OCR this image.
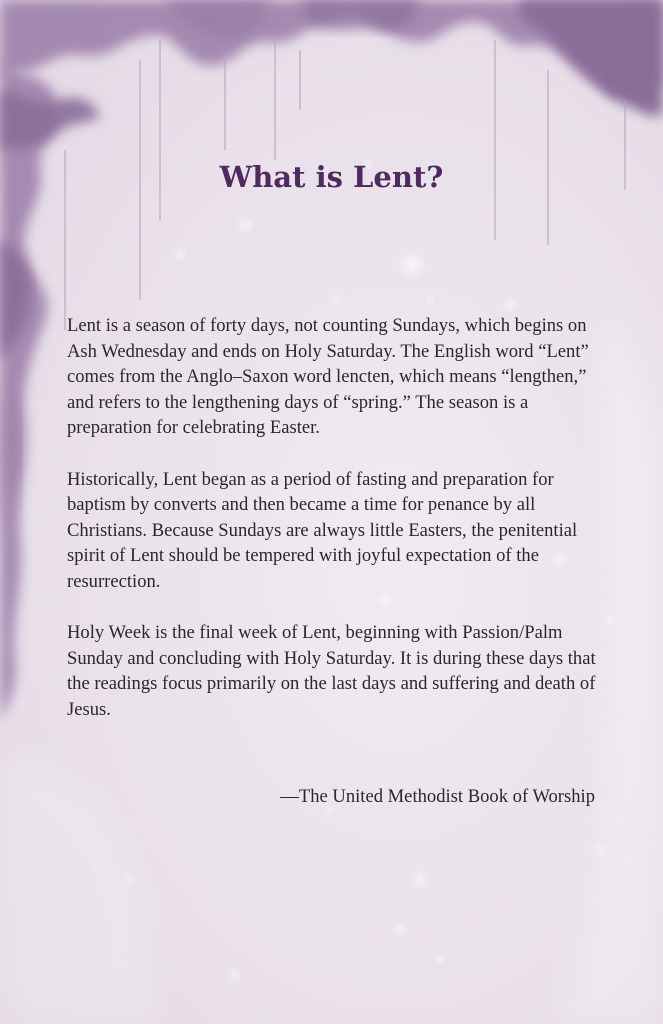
What is Lent?

Lent is a season of forty days, not counting Sundays, which begins on Ash Wednesday and ends on Holy Saturday. The English word “Lent” comes from the Anglo–Saxon word lencten, which means “lengthen,” and refers to the lengthening days of “spring.” The season is a preparation for celebrating Easter.

Historically, Lent began as a period of fasting and preparation for baptism by converts and then became a time for penance by all Christians. Because Sundays are always little Easters, the penitential spirit of Lent should be tempered with joyful expectation of the resurrection.

Holy Week is the final week of Lent, beginning with Passion/Palm Sunday and concluding with Holy Saturday. It is during these days that the readings focus primarily on the last days and suffering and death of Jesus.

—The United Methodist Book of Worship
